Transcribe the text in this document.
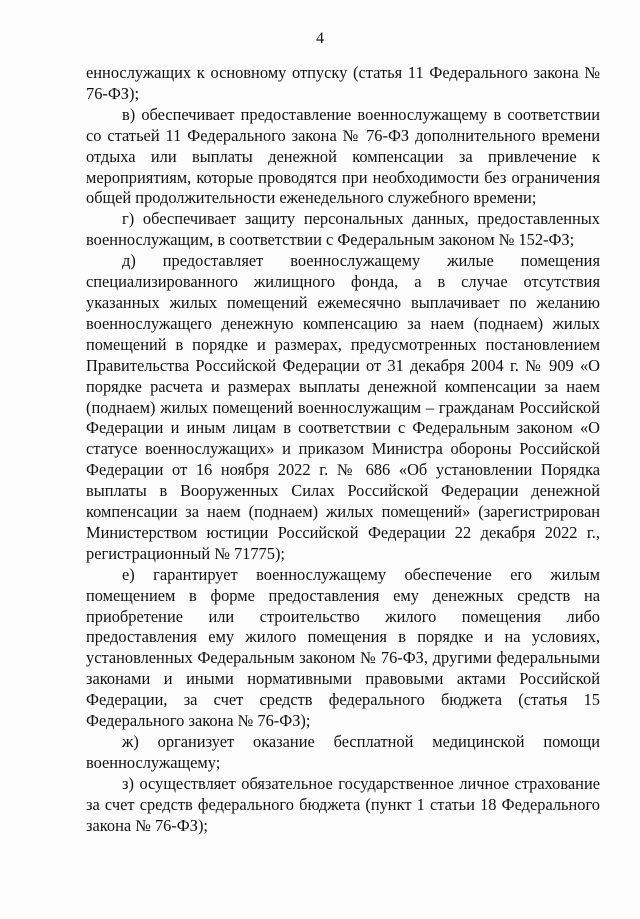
4

еннослужащих к основному отпуску (статья 11 Федерального закона № 76-ФЗ);

в) обеспечивает предоставление военнослужащему в соответствии со статьей 11 Федерального закона № 76-ФЗ дополнительного времени отдыха или выплаты денежной компенсации за привлечение к мероприятиям, которые проводятся при необходимости без ограничения общей продолжительности еженедельного служебного времени;

г) обеспечивает защиту персональных данных, предоставленных военнослужащим, в соответствии с Федеральным законом № 152-ФЗ;

д) предоставляет военнослужащему жилые помещения специализированного жилищного фонда, а в случае отсутствия указанных жилых помещений ежемесячно выплачивает по желанию военнослужащего денежную компенсацию за наем (поднаем) жилых помещений в порядке и размерах, предусмотренных постановлением Правительства Российской Федерации от 31 декабря 2004 г. № 909 «О порядке расчета и размерах выплаты денежной компенсации за наем (поднаем) жилых помещений военнослужащим – гражданам Российской Федерации и иным лицам в соответствии с Федеральным законом «О статусе военнослужащих» и приказом Министра обороны Российской Федерации от 16 ноября 2022 г. № 686 «Об установлении Порядка выплаты в Вооруженных Силах Российской Федерации денежной компенсации за наем (поднаем) жилых помещений» (зарегистрирован Министерством юстиции Российской Федерации 22 декабря 2022 г., регистрационный № 71775);

е) гарантирует военнослужащему обеспечение его жилым помещением в форме предоставления ему денежных средств на приобретение или строительство жилого помещения либо предоставления ему жилого помещения в порядке и на условиях, установленных Федеральным законом № 76-ФЗ, другими федеральными законами и иными нормативными правовыми актами Российской Федерации, за счет средств федерального бюджета (статья 15 Федерального закона № 76-ФЗ);

ж) организует оказание бесплатной медицинской помощи военнослужащему;

з) осуществляет обязательное государственное личное страхование за счет средств федерального бюджета (пункт 1 статьи 18 Федерального закона № 76-ФЗ);
